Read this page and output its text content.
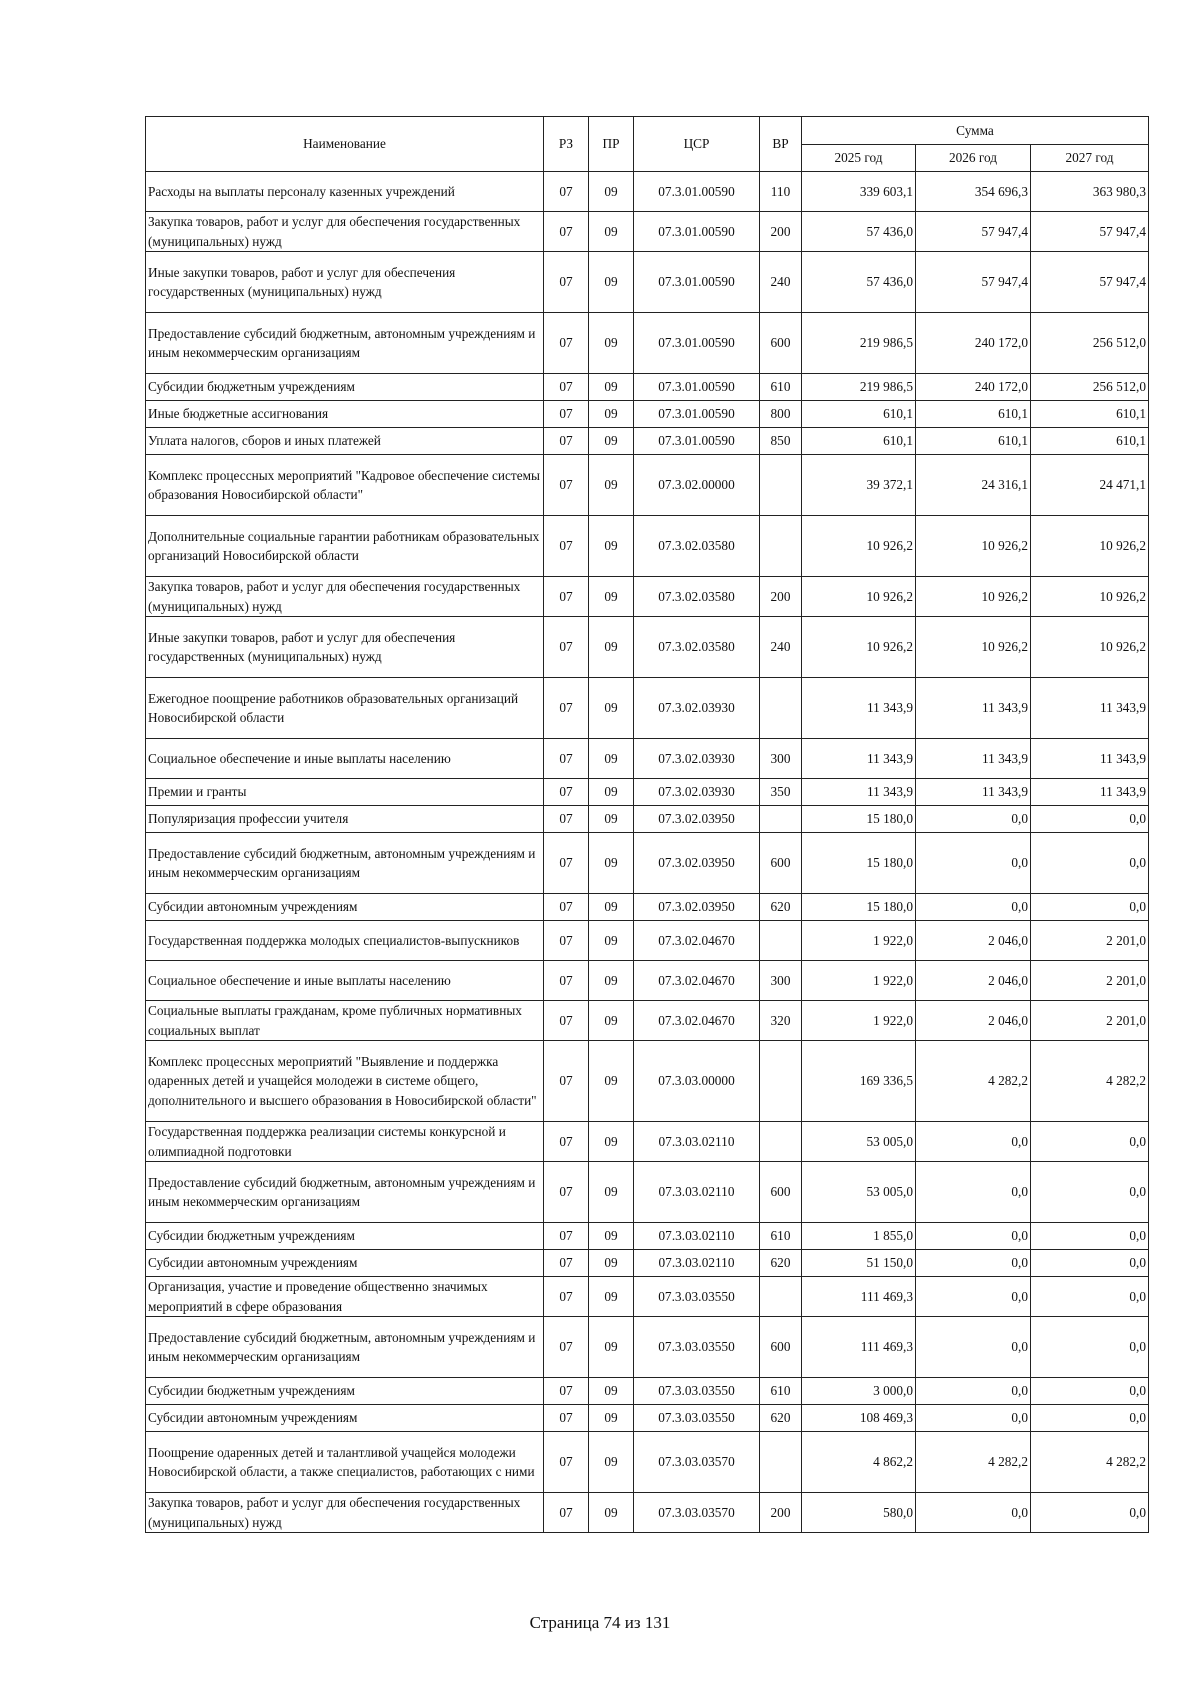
Наименование	РЗ	ПР	ЦСР	ВР	Сумма		
					2025 год	2026 год	2027 год
Расходы на выплаты персоналу казенных учреждений	07	09	07.3.01.00590	110	339 603,1	354 696,3	363 980,3
Закупка товаров, работ и услуг для обеспечения государственных (муниципальных) нужд	07	09	07.3.01.00590	200	57 436,0	57 947,4	57 947,4
Иные закупки товаров, работ и услуг для обеспечения государственных (муниципальных) нужд	07	09	07.3.01.00590	240	57 436,0	57 947,4	57 947,4
Предоставление субсидий бюджетным, автономным учреждениям и иным некоммерческим организациям	07	09	07.3.01.00590	600	219 986,5	240 172,0	256 512,0
Субсидии бюджетным учреждениям	07	09	07.3.01.00590	610	219 986,5	240 172,0	256 512,0
Иные бюджетные ассигнования	07	09	07.3.01.00590	800	610,1	610,1	610,1
Уплата налогов, сборов и иных платежей	07	09	07.3.01.00590	850	610,1	610,1	610,1
Комплекс процессных мероприятий "Кадровое обеспечение системы образования Новосибирской области"	07	09	07.3.02.00000		39 372,1	24 316,1	24 471,1
Дополнительные социальные гарантии работникам образовательных организаций Новосибирской области	07	09	07.3.02.03580		10 926,2	10 926,2	10 926,2
Закупка товаров, работ и услуг для обеспечения государственных (муниципальных) нужд	07	09	07.3.02.03580	200	10 926,2	10 926,2	10 926,2
Иные закупки товаров, работ и услуг для обеспечения государственных (муниципальных) нужд	07	09	07.3.02.03580	240	10 926,2	10 926,2	10 926,2
Ежегодное поощрение работников образовательных организаций Новосибирской области	07	09	07.3.02.03930		11 343,9	11 343,9	11 343,9
Социальное обеспечение и иные выплаты населению	07	09	07.3.02.03930	300	11 343,9	11 343,9	11 343,9
Премии и гранты	07	09	07.3.02.03930	350	11 343,9	11 343,9	11 343,9
Популяризация профессии учителя	07	09	07.3.02.03950		15 180,0	0,0	0,0
Предоставление субсидий бюджетным, автономным учреждениям и иным некоммерческим организациям	07	09	07.3.02.03950	600	15 180,0	0,0	0,0
Субсидии автономным учреждениям	07	09	07.3.02.03950	620	15 180,0	0,0	0,0
Государственная поддержка молодых специалистов-выпускников	07	09	07.3.02.04670		1 922,0	2 046,0	2 201,0
Социальное обеспечение и иные выплаты населению	07	09	07.3.02.04670	300	1 922,0	2 046,0	2 201,0
Социальные выплаты гражданам, кроме публичных нормативных социальных выплат	07	09	07.3.02.04670	320	1 922,0	2 046,0	2 201,0
Комплекс процессных мероприятий "Выявление и поддержка одаренных детей и учащейся молодежи в системе общего, дополнительного и высшего образования в Новосибирской области"	07	09	07.3.03.00000		169 336,5	4 282,2	4 282,2
Государственная поддержка реализации системы конкурсной и олимпиадной подготовки	07	09	07.3.03.02110		53 005,0	0,0	0,0
Предоставление субсидий бюджетным, автономным учреждениям и иным некоммерческим организациям	07	09	07.3.03.02110	600	53 005,0	0,0	0,0
Субсидии бюджетным учреждениям	07	09	07.3.03.02110	610	1 855,0	0,0	0,0
Субсидии автономным учреждениям	07	09	07.3.03.02110	620	51 150,0	0,0	0,0
Организация, участие и проведение общественно значимых мероприятий в сфере образования	07	09	07.3.03.03550		111 469,3	0,0	0,0
Предоставление субсидий бюджетным, автономным учреждениям и иным некоммерческим организациям	07	09	07.3.03.03550	600	111 469,3	0,0	0,0
Субсидии бюджетным учреждениям	07	09	07.3.03.03550	610	3 000,0	0,0	0,0
Субсидии автономным учреждениям	07	09	07.3.03.03550	620	108 469,3	0,0	0,0
Поощрение одаренных детей и талантливой учащейся молодежи Новосибирской области, а также специалистов, работающих с ними	07	09	07.3.03.03570		4 862,2	4 282,2	4 282,2
Закупка товаров, работ и услуг для обеспечения государственных (муниципальных) нужд	07	09	07.3.03.03570	200	580,0	0,0	0,0
Страница 74 из 131
